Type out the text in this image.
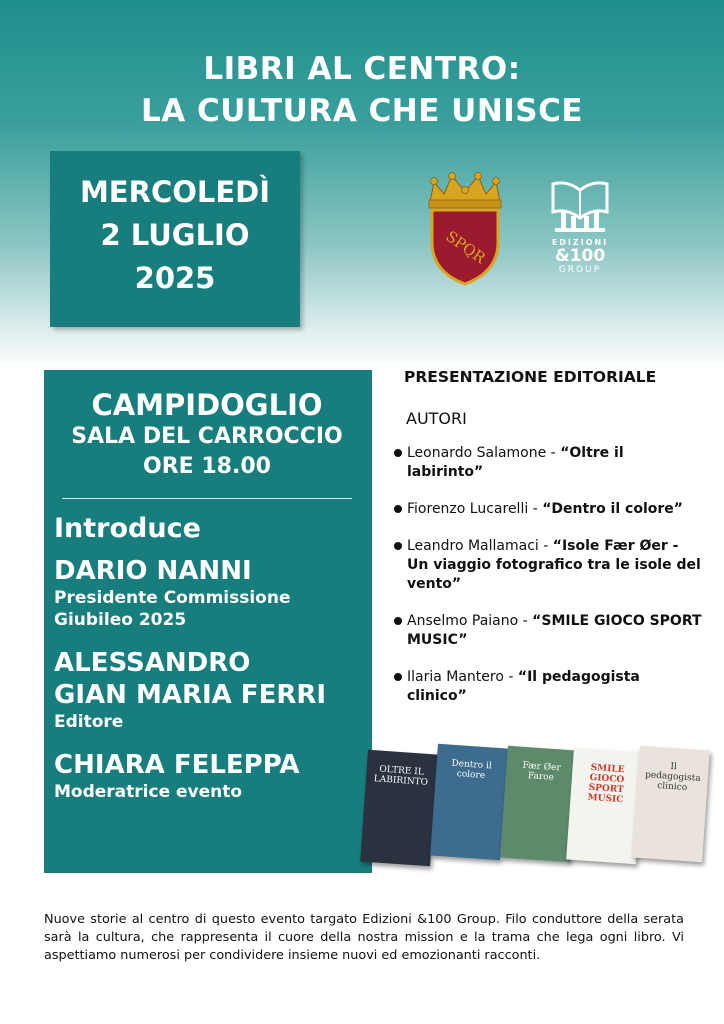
LIBRI AL CENTRO:
LA CULTURA CHE UNISCE
MERCOLEDÌ
2 LUGLIO
2025
SPQR	EDIZIONI
&100
GROUP
CAMPIDOGLIO
SALA DEL CARROCCIO
ORE 18.00
Introduce
DARIO NANNI
Presidente Commissione
Giubileo 2025
ALESSANDRO
GIAN MARIA FERRI
Editore
CHIARA FELEPPA
Moderatrice evento
PRESENTAZIONE EDITORIALE
AUTORI
Leonardo Salamone - “Oltre il labirinto”
Fiorenzo Lucarelli - “Dentro il colore”
Leandro Mallamaci - “Isole Fær Øer - Un viaggio fotografico tra le isole del vento”
Anselmo Paiano - “SMILE GIOCO SPORT MUSIC”
Ilaria Mantero - “Il pedagogista clinico”
OLTRE IL LABIRINTO
Dentro il colore
Fær Øer Faroe
SMILE GIOCO SPORT MUSIC
Il pedagogista clinico
Nuove storie al centro di questo evento targato Edizioni &100 Group. Filo conduttore della serata sarà la cultura, che rappresenta il cuore della nostra mission e la trama che lega ogni libro. Vi aspettiamo numerosi per condividere insieme nuovi ed emozionanti racconti.
